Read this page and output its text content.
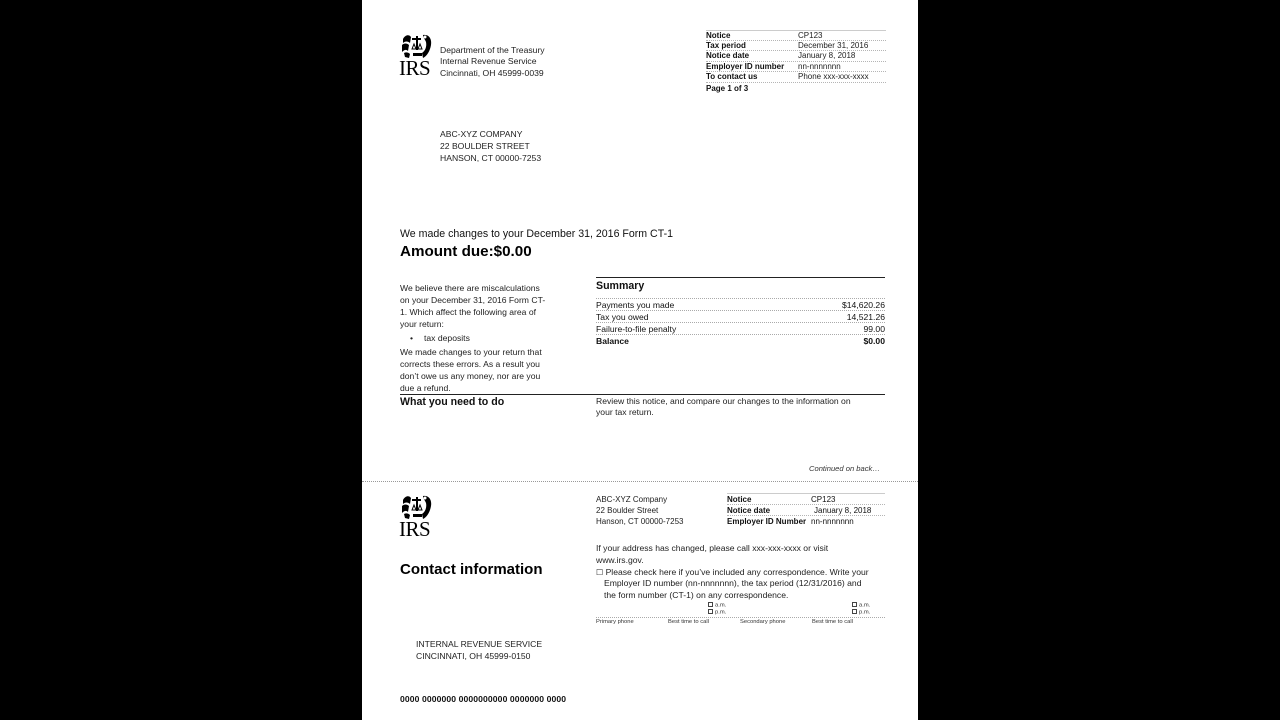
IRS
Department of the Treasury
Internal Revenue Service
Cincinnati, OH 45999-0039
Notice	CP123
Tax period	December 31, 2016
Notice date	January 8, 2018
Employer ID number	nn-nnnnnnn
To contact us	Phone xxx-xxx-xxxx
Page 1 of 3
ABC-XYZ COMPANY
22 BOULDER STREET
HANSON, CT 00000-7253
We made changes to your December 31, 2016 Form CT-1
Amount due:$0.00
We believe there are miscalculations
on your December 31, 2016 Form CT-
1. Which affect the following area of
your return:
• tax deposits
We made changes to your return that
corrects these errors. As a result you
don’t owe us any money, nor are you
due a refund.
Summary
Payments you made	$14,620.26
Tax you owed	14,521.26
Failure-to-file penalty	99.00
Balance	$0.00
What you need to do	Review this notice, and compare our changes to the information on
your tax return.
Continued on back…
IRS
ABC-XYZ Company
22 Boulder Street
Hanson, CT 00000-7253
Notice	CP123
Notice date	January 8, 2018
Employer ID Number nn-nnnnnnn
Contact information
If your address has changed, please call xxx-xxx-xxxx or visit
www.irs.gov.
☐ Please check here if you’ve included any correspondence. Write your
Employer ID number (nn-nnnnnnn), the tax period (12/31/2016) and
the form number (CT-1) on any correspondence.
a.m.
p.m.
a.m.
p.m.
Primary phone	Best time to call	Secondary phone	Best time to call
INTERNAL REVENUE SERVICE
CINCINNATI, OH 45999-0150
0000 0000000 0000000000 0000000 0000
